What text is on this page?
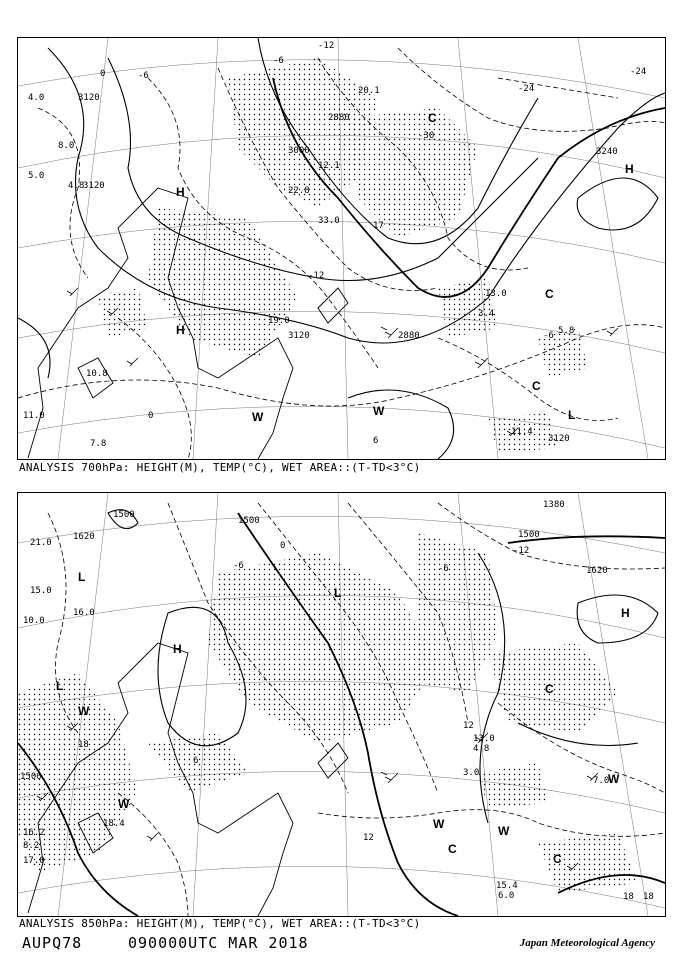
3120
3120
2880
3000
3120
3240
3120
2880
-24
-24
-30
-12
-6
0
6
-6
-6
-12
0
H
H
H
L
C
C
W
W
C
4.0
5.0
8.0
4.8
17
12.1
22.8
19.0
33.0
3.4
13.0
5.8
11.4
7.8
10.8
11.0
20.1
ANALYSIS 700hPa: HEIGHT(M), TEMP(°C), WET AREA::(T-TD<3°C)
1500
1500
1380
1500
1620
1500
1620
0
-6
6
12
18 18
12
18
-12
-6
H
H
L
L
L
C
C
W
W
W	W
C
W
21.0
16.0
10.0
15.0
8.2
4.8
13.0
3.0
7.0
15.4
6.0
18.4
17.0
16.2
ANALYSIS 850hPa: HEIGHT(M), TEMP(°C), WET AREA::(T-TD<3°C)
AUPQ78	090000UTC MAR 2018	Japan Meteorological Agency
